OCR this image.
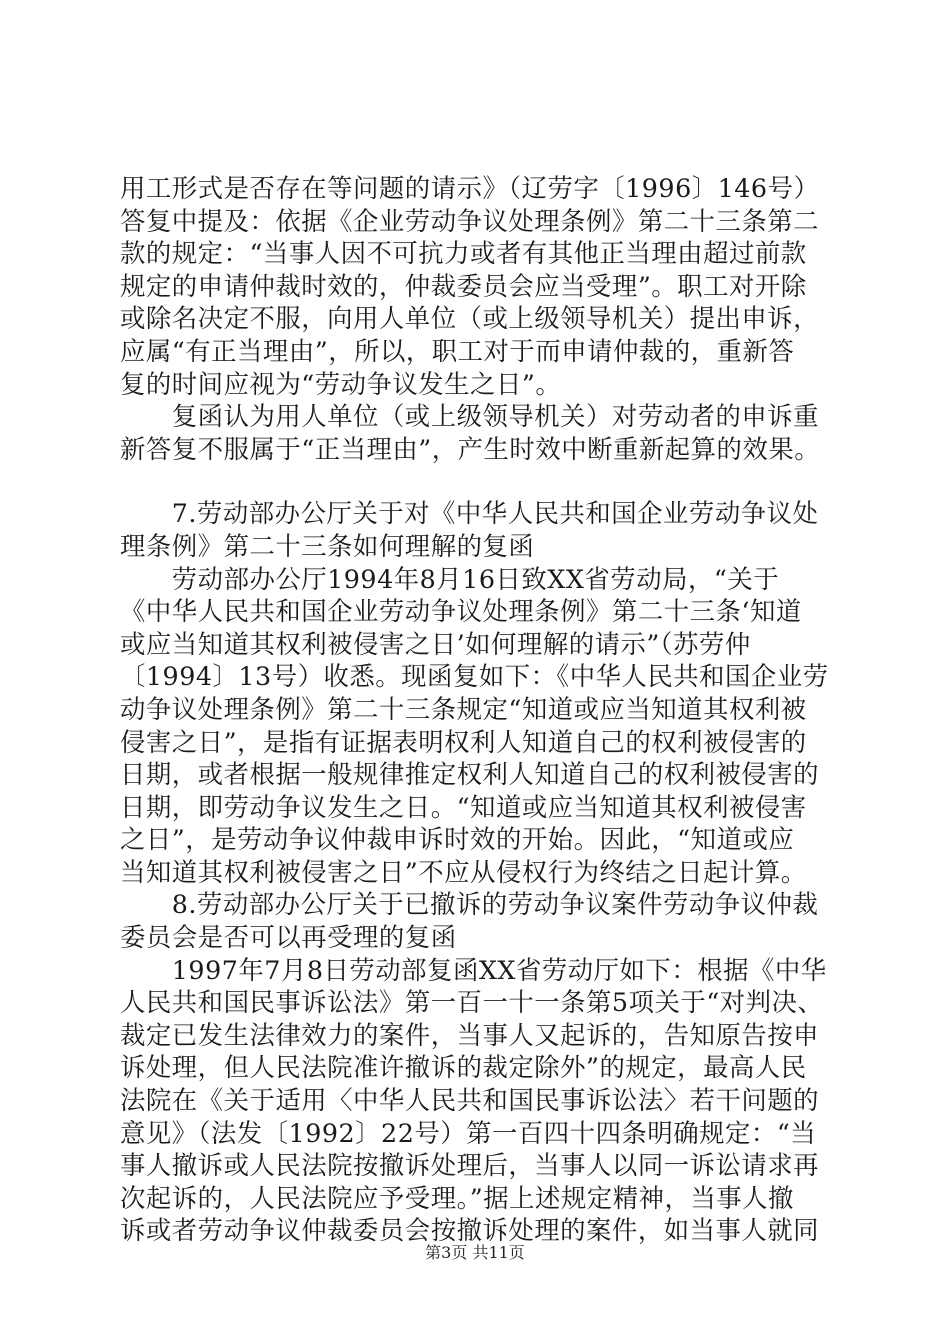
用工形式是否存在等问题的请示》（辽劳字〔1996〕146号）
答复中提及：依据《企业劳动争议处理条例》第二十三条第二
款的规定：“当事人因不可抗力或者有其他正当理由超过前款
规定的申请仲裁时效的，仲裁委员会应当受理”。职工对开除
或除名决定不服，向用人单位（或上级领导机关）提出申诉，
应属“有正当理由”，所以，职工对于而申请仲裁的，重新答
复的时间应视为“劳动争议发生之日”。
　　复函认为用人单位（或上级领导机关）对劳动者的申诉重
新答复不服属于“正当理由”，产生时效中断重新起算的效果。
　　7.劳动部办公厅关于对《中华人民共和国企业劳动争议处
理条例》第二十三条如何理解的复函
　　劳动部办公厅1994年8月16日致XX省劳动局，“关于
《中华人民共和国企业劳动争议处理条例》第二十三条‘知道
或应当知道其权利被侵害之日’如何理解的请示”（苏劳仲
〔1994〕13号）收悉。现函复如下：《中华人民共和国企业劳
动争议处理条例》第二十三条规定“知道或应当知道其权利被
侵害之日”，是指有证据表明权利人知道自己的权利被侵害的
日期，或者根据一般规律推定权利人知道自己的权利被侵害的
日期，即劳动争议发生之日。“知道或应当知道其权利被侵害
之日”，是劳动争议仲裁申诉时效的开始。因此，“知道或应
当知道其权利被侵害之日”不应从侵权行为终结之日起计算。
　　8.劳动部办公厅关于已撤诉的劳动争议案件劳动争议仲裁
委员会是否可以再受理的复函
　　1997年7月8日劳动部复函XX省劳动厅如下：根据《中华
人民共和国民事诉讼法》第一百一十一条第5项关于“对判决、
裁定已发生法律效力的案件，当事人又起诉的，告知原告按申
诉处理，但人民法院准许撤诉的裁定除外”的规定，最高人民
法院在《关于适用〈中华人民共和国民事诉讼法〉若干问题的
意见》（法发〔1992〕22号）第一百四十四条明确规定：“当
事人撤诉或人民法院按撤诉处理后，当事人以同一诉讼请求再
次起诉的，人民法院应予受理。”据上述规定精神，当事人撤
诉或者劳动争议仲裁委员会按撤诉处理的案件，如当事人就同
第3页 共11页
